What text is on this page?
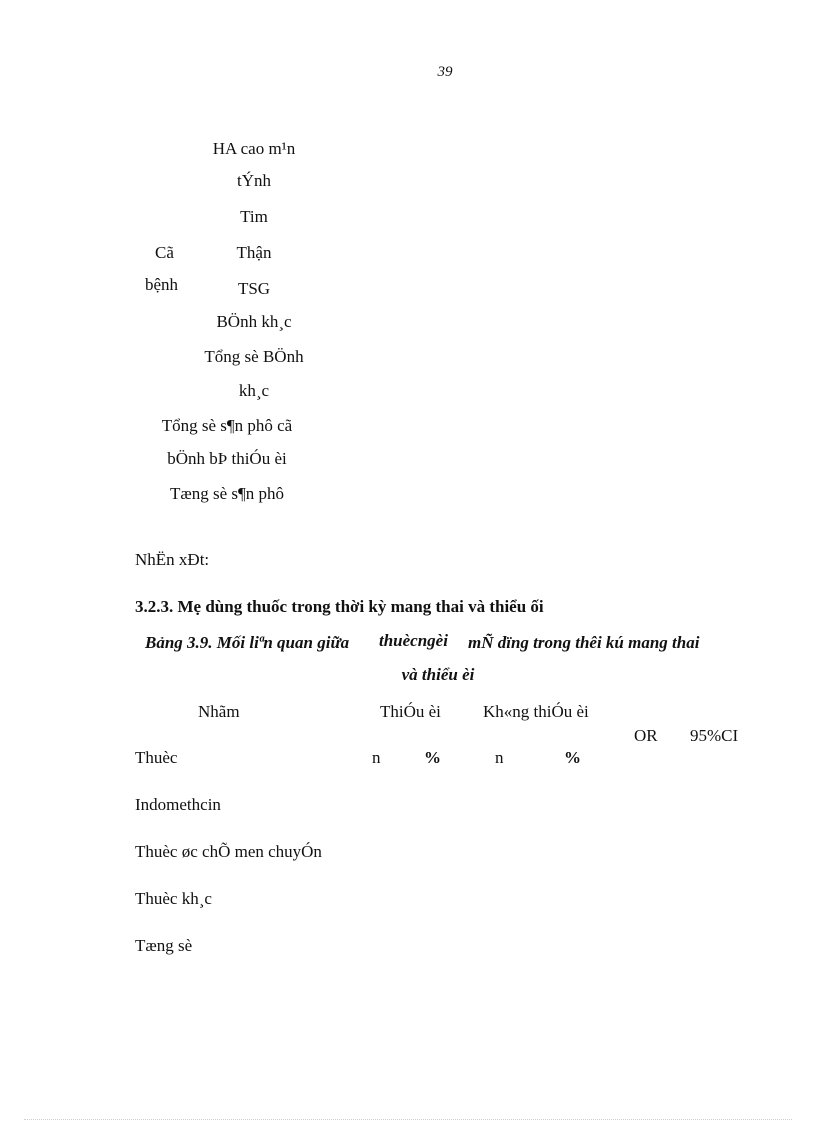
39
Cã
bệnh
HA cao m¹n
tÝnh
Tim
Thận
TSG
BÖnh kh¸c
Tổng sè BÖnh
kh¸c
Tổng sè s¶n phô cã
bÖnh bÞ thiÓu èi
Tæng sè s¶n phô
NhËn xÐt:
3.2.3. Mẹ dùng thuốc trong thời kỳ mang thai và thiểu ối
Bảng 3.9. Mối li‌ªn quan giữa thuècngèi mÑ dïng trong thêi kú mang thai
và thiểu èi
Nhãm	ThiÓu èi Kh«ng thiÓu èi
OR 95%CI
Thuèc	n	%	n	%
Indomethcin
Thuèc øc chÕ men chuyÓn
Thuèc kh¸c
Tæng sè
